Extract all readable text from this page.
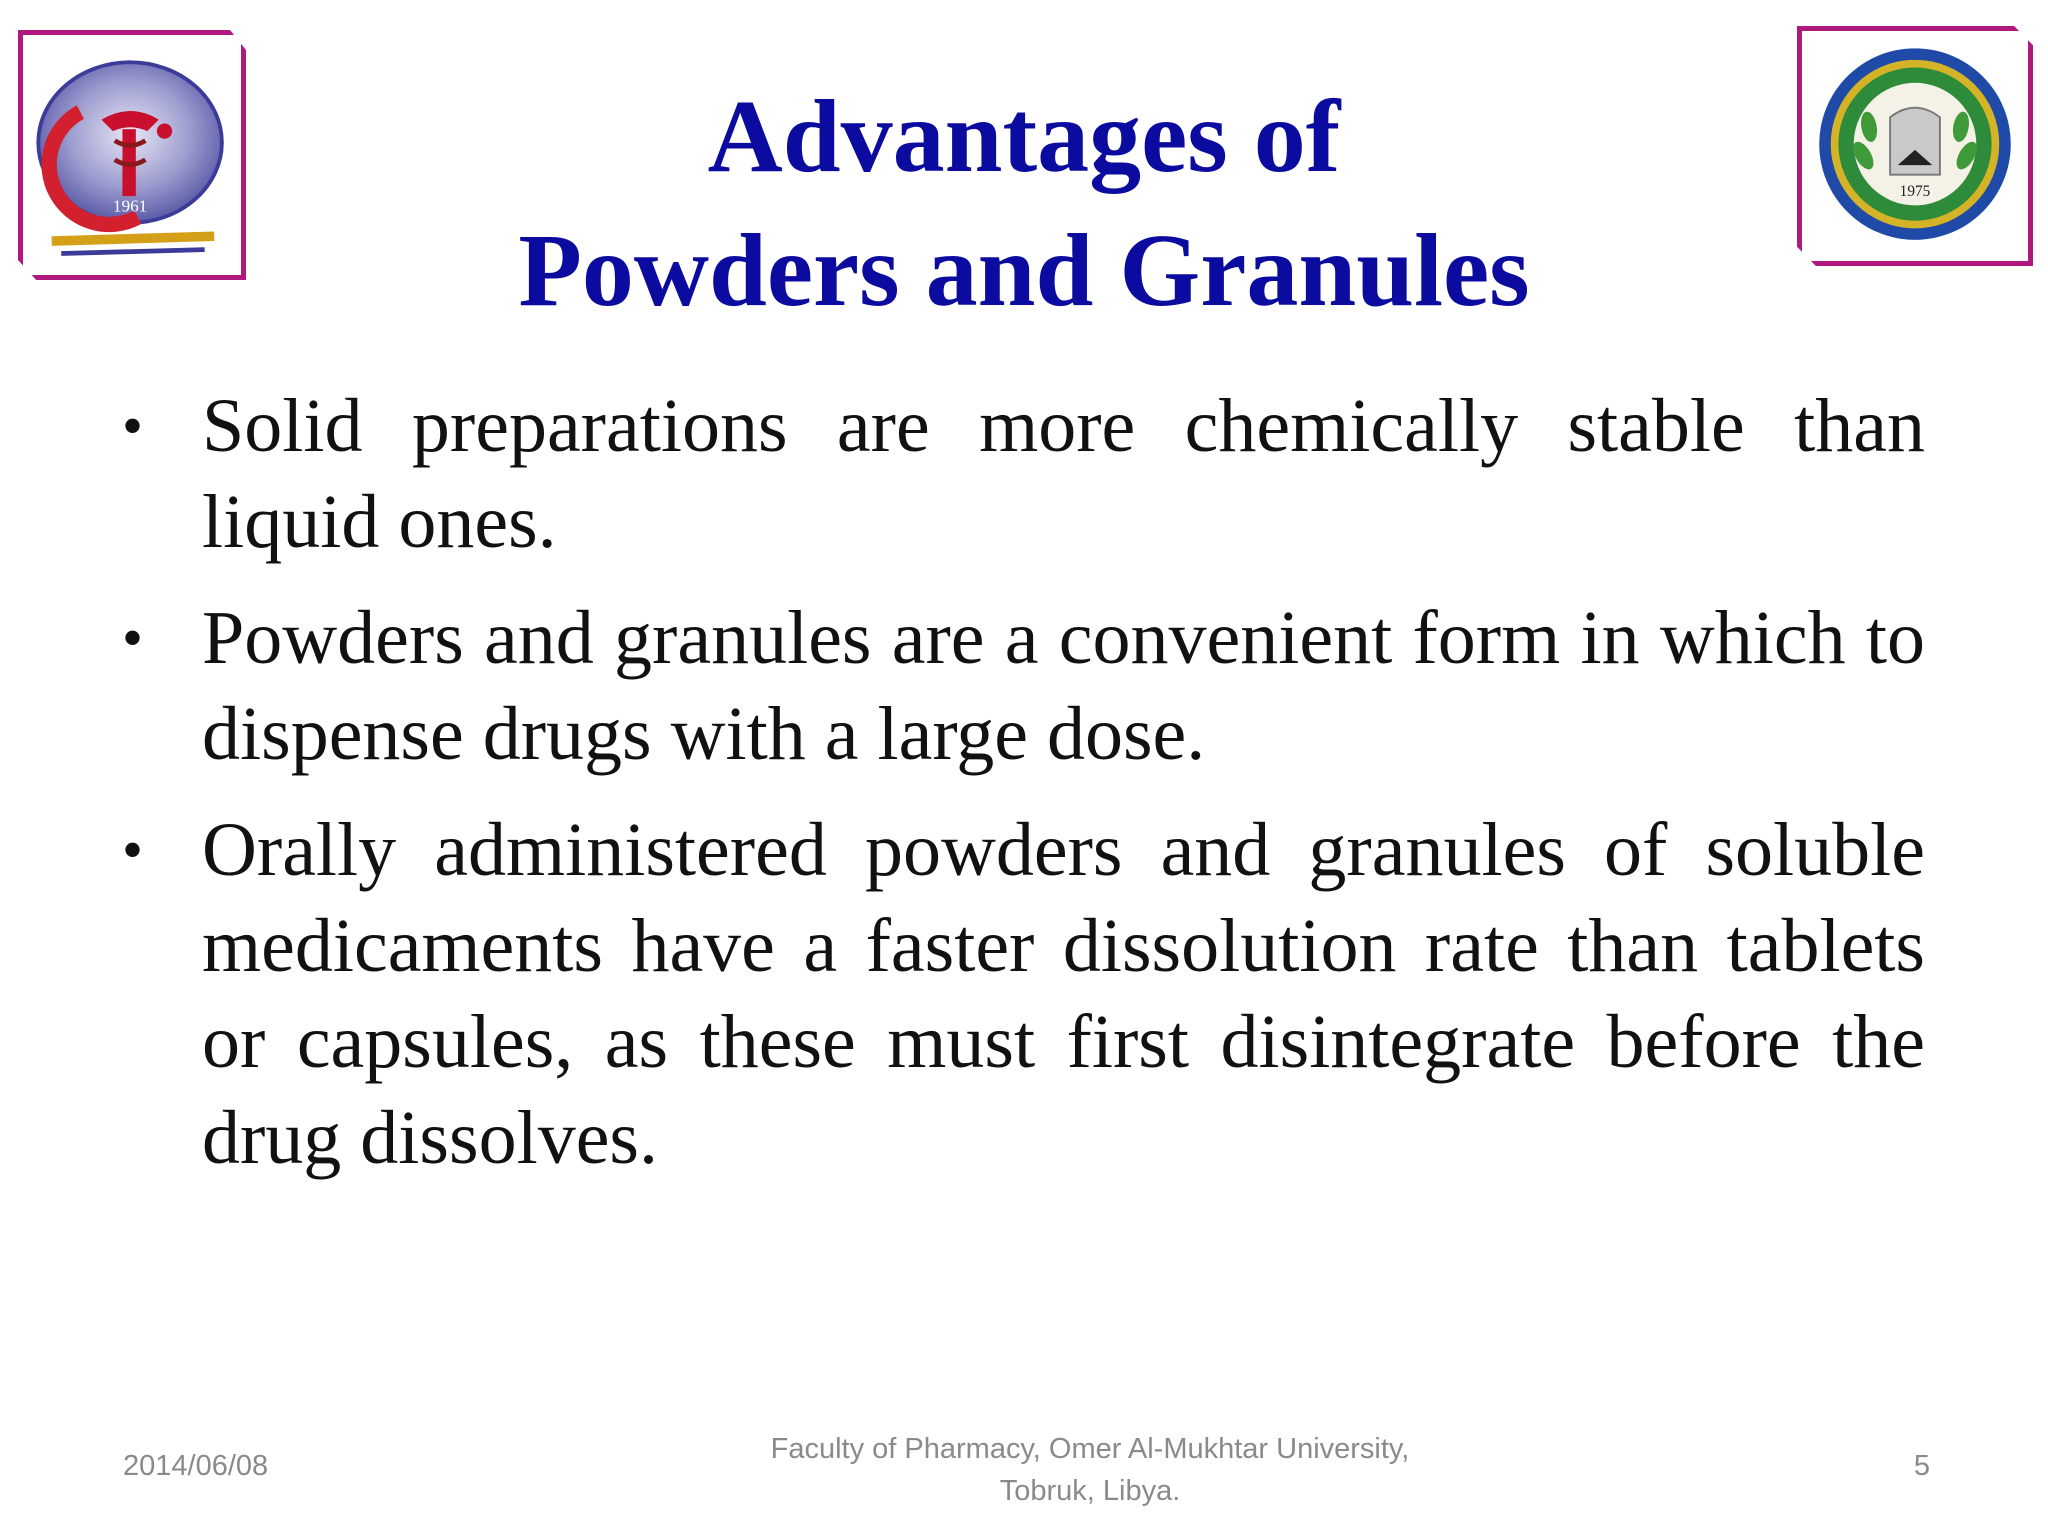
1961
1975
Advantages of
Powders and Granules
• Solid preparations are more chemically stable than liquid ones.
• Powders and granules are a convenient form in which to dispense drugs with a large dose.
• Orally administered powders and granules of soluble medicaments have a faster dissolution rate than tablets or capsules, as these must first disintegrate before the drug dissolves.
2014/06/08
Faculty of Pharmacy, Omer Al-Mukhtar University,
Tobruk, Libya.
5
